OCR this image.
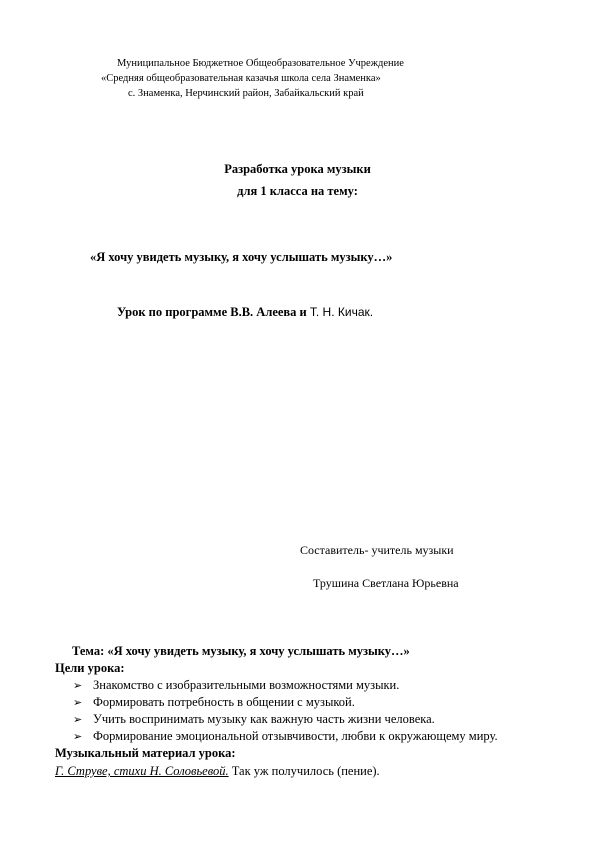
Муниципальное Бюджетное Общеобразовательное Учреждение
«Средняя общеобразовательная казачья школа села Знаменка»
с. Знаменка, Нерчинский район, Забайкальский край
Разработка урока музыки
для 1 класса на тему:
«Я хочу увидеть музыку, я хочу услышать музыку…»
Урок по программе В.В. Алеева и Т. Н. Кичак.
Составитель- учитель музыки
Трушина Светлана Юрьевна
Тема: «Я хочу увидеть музыку, я хочу услышать музыку…»
Цели урока:
➢ Знакомство с изобразительными возможностями музыки.
➢ Формировать потребность в общении с музыкой.
➢ Учить воспринимать музыку как важную часть жизни человека.
➢ Формирование эмоциональной отзывчивости, любви к окружающему миру.
Музыкальный материал урока:
Г. Струве, стихи Н. Соловьевой. Так уж получилось (пение).
